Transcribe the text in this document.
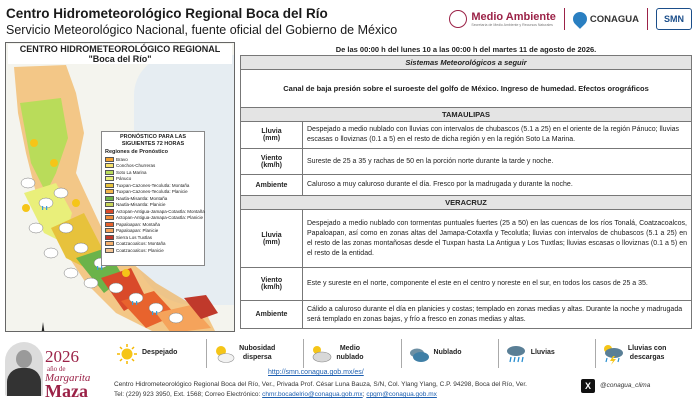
Centro Hidrometeorológico Regional Boca del Río
Servicio Meteorológico Nacional, fuente oficial del Gobierno de México
Medio Ambiente
Secretaría de Medio Ambiente y Recursos Naturales	CONAGUA	SMN
CENTRO HIDROMETEOROLÓGICO REGIONAL
"Boca del Río"
PRONÓSTICO PARA LAS SIGUIENTES 72 HORAS
Regiones de Pronóstico
Bravo
Conchos-Churreras
Soto La Marina
Pánuco
Tuxpan-Cazones-Tecolutla: Montaña
Tuxpan-Cazones-Tecolutla: Planicie
Nautla-Misantla: Montaña
Nautla-Misantla: Planicie
Actopan-Antigua-Jamapa-Cotaxtla: Montaña
Actopan-Antigua-Jamapa-Cotaxtla: Planicie
Papaloapan: Montaña
Papaloapan: Planicie
Sierra Los Tuxtlas
Coatzacoalcos: Montaña
Coatzacoalcos: Planicie
De las 00:00 h del lunes 10 a las 00:00 h del martes 11 de agosto de 2026.
Sistemas Meteorológicos a seguir	
Canal de baja presión sobre el suroeste del golfo de México. Ingreso de humedad. Efectos orográficos	
TAMAULIPAS	

Lluvia
(mm)	Despejado a medio nublado con lluvias con intervalos de chubascos (5.1 a 25) en el oriente de la región Pánuco; lluvias escasas o lloviznas (0.1 a 5) en el resto de dicha región y en la región Soto La Marina.

Viento
(km/h)	Sureste de 25 a 35 y rachas de 50 en la porción norte durante la tarde y noche.
Ambiente	Caluroso a muy caluroso durante el día. Fresco por la madrugada y durante la noche.
VERACRUZ	

Lluvia
(mm)	Despejado a medio nublado con tormentas puntuales fuertes (25 a 50) en las cuencas de los ríos Tonalá, Coatzacoalcos, Papaloapan, así como en zonas altas del Jamapa-Cotaxtla y Tecolutla; lluvias con intervalos de chubascos (5.1 a 25) en el resto de las zonas montañosas desde el Tuxpan hasta La Antigua y Los Tuxtlas; lluvias escasas o lloviznas (0.1 a 5) en el resto de la entidad.

Viento
(km/h)	Este y sureste en el norte, componente el este en el centro y noreste en el sur, en todos los casos de 25 a 35.
Ambiente	Cálido a caluroso durante el día en planicies y costas; templado en zonas medias y altas. Durante la noche y madrugada será templado en zonas bajas, y frío a fresco en zonas medias y altas.
Despejado
Nubosidad
dispersa
Medio
nublado
Nublado	Lluvias
Lluvias con
descargas
2026
año de
Margarita
Maza
http://smn.conagua.gob.mx/es/
Centro Hidrometeorológico Regional Boca del Río, Ver., Privada Prof. César Luna Bauza, S/N, Col. Ylang Ylang, C.P. 94298, Boca del Río, Ver.
Tel: (229) 923 3950, Ext. 1568; Correo Electrónico: chmr.bocadelrio@conagua.gob.mx; cpgm@conagua.gob.mx
X	@conagua_clima
